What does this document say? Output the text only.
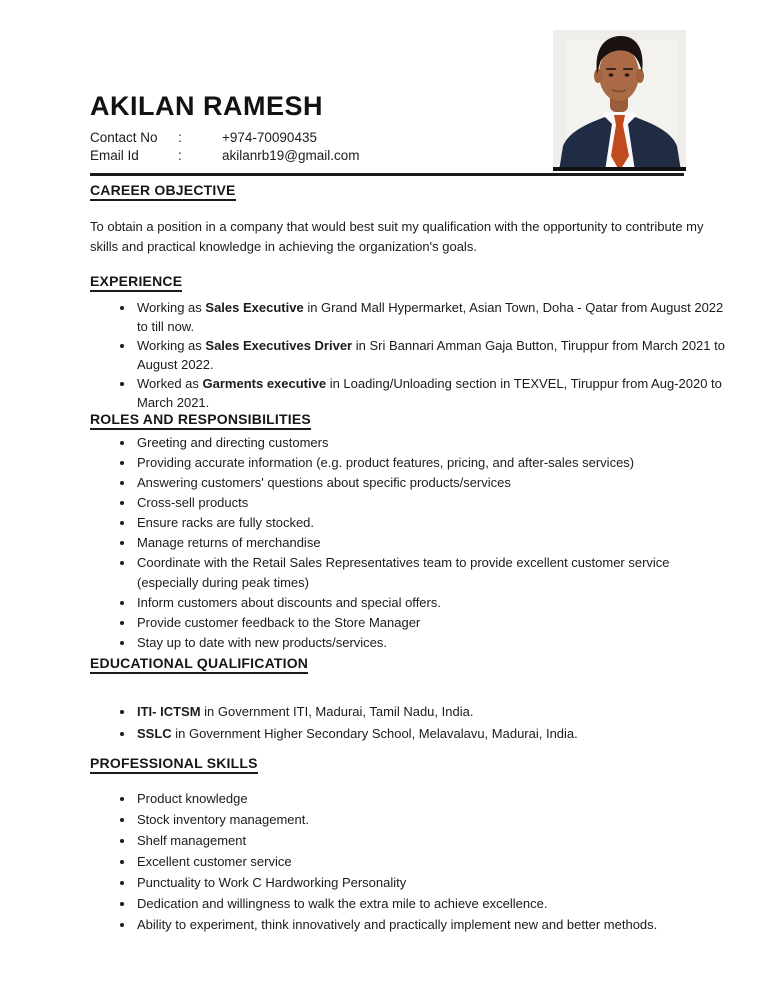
AKILAN RAMESH
Contact No	:	+974-70090435
Email Id	:	akilanrb19@gmail.com
CAREER OBJECTIVE

To obtain a position in a company that would best suit my qualification with the opportunity to contribute my skills and practical knowledge in achieving the organization's goals.

EXPERIENCE
• Working as Sales Executive in Grand Mall Hypermarket, Asian Town, Doha - Qatar from August 2022 to till now.
• Working as Sales Executives Driver in Sri Bannari Amman Gaja Button, Tiruppur from March 2021 to August 2022.
• Worked as Garments executive in Loading/Unloading section in TEXVEL, Tiruppur from Aug-2020 to March 2021.
ROLES AND RESPONSIBILITIES
• Greeting and directing customers
• Providing accurate information (e.g. product features, pricing, and after-sales services)
• Answering customers' questions about specific products/services
• Cross-sell products
• Ensure racks are fully stocked.
• Manage returns of merchandise
• Coordinate with the Retail Sales Representatives team to provide excellent customer service (especially during peak times)
• Inform customers about discounts and special offers.
• Provide customer feedback to the Store Manager
• Stay up to date with new products/services.
EDUCATIONAL QUALIFICATION
• ITI- ICTSM in Government ITI, Madurai, Tamil Nadu, India.
• SSLC in Government Higher Secondary School, Melavalavu, Madurai, India.
PROFESSIONAL SKILLS
• Product knowledge
• Stock inventory management.
• Shelf management
• Excellent customer service
• Punctuality to Work C Hardworking Personality
• Dedication and willingness to walk the extra mile to achieve excellence.
• Ability to experiment, think innovatively and practically implement new and better methods.
